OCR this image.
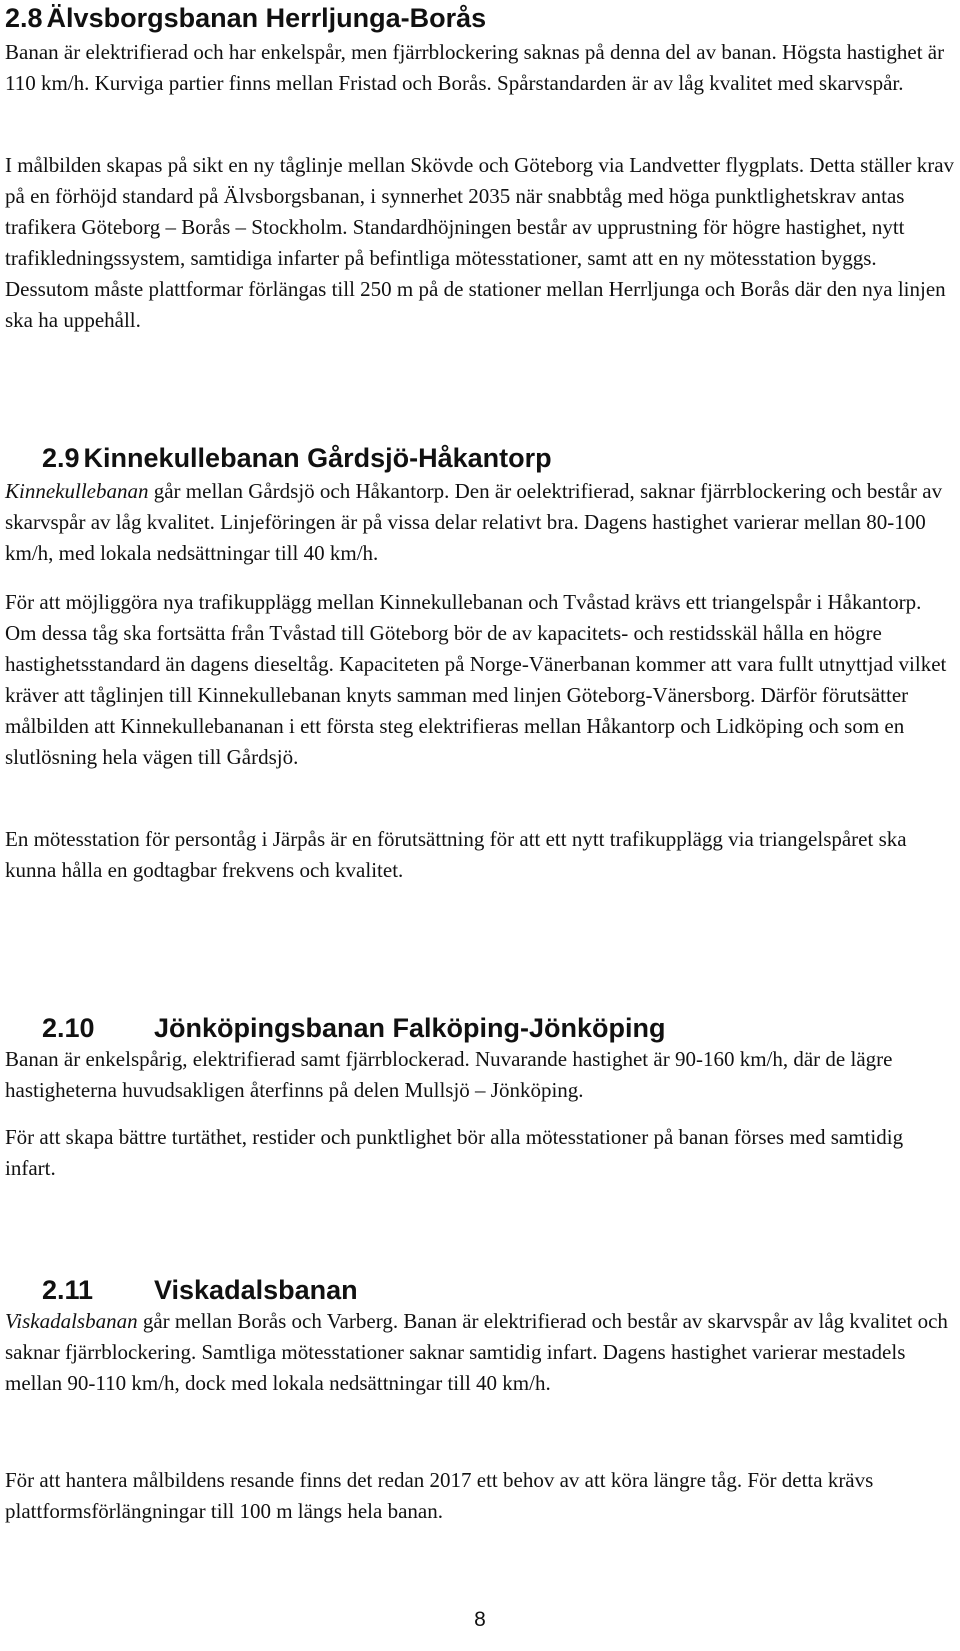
2.8 Älvsborgsbanan Herrljunga-Borås

Banan är elektrifierad och har enkelspår, men fjärrblockering saknas på denna del av banan. Högsta hastighet är 110 km/h. Kurviga partier finns mellan Fristad och Borås. Spårstandarden är av låg kvalitet med skarvspår.

I målbilden skapas på sikt en ny tåglinje mellan Skövde och Göteborg via Landvetter flygplats. Detta ställer krav på en förhöjd standard på Älvsborgsbanan, i synnerhet 2035 när snabbtåg med höga punktlighetskrav antas trafikera Göteborg – Borås – Stockholm. Standardhöjningen består av upprustning för högre hastighet, nytt trafikledningssystem, samtidiga infarter på befintliga mötesstationer, samt att en ny mötesstation byggs. Dessutom måste plattformar förlängas till 250 m på de stationer mellan Herrljunga och Borås där den nya linjen ska ha uppehåll.

2.9 Kinnekullebanan Gårdsjö-Håkantorp

Kinnekullebanan går mellan Gårdsjö och Håkantorp. Den är oelektrifierad, saknar fjärrblockering och består av skarvspår av låg kvalitet. Linjeföringen är på vissa delar relativt bra. Dagens hastighet varierar mellan 80-100 km/h, med lokala nedsättningar till 40 km/h.

För att möjliggöra nya trafikupplägg mellan Kinnekullebanan och Tvåstad krävs ett triangelspår i Håkantorp. Om dessa tåg ska fortsätta från Tvåstad till Göteborg bör de av kapacitets- och restidsskäl hålla en högre hastighetsstandard än dagens dieseltåg. Kapaciteten på Norge-Vänerbanan kommer att vara fullt utnyttjad vilket kräver att tåglinjen till Kinnekullebanan knyts samman med linjen Göteborg-Vänersborg. Därför förutsätter målbilden att Kinnekullebananan i ett första steg elektrifieras mellan Håkantorp och Lidköping och som en slutlösning hela vägen till Gårdsjö.

En mötesstation för persontåg i Järpås är en förutsättning för att ett nytt trafikupplägg via triangelspåret ska kunna hålla en godtagbar frekvens och kvalitet.

2.10	Jönköpingsbanan Falköping-Jönköping

Banan är enkelspårig, elektrifierad samt fjärrblockerad. Nuvarande hastighet är 90-160 km/h, där de lägre hastigheterna huvudsakligen återfinns på delen Mullsjö – Jönköping.

För att skapa bättre turtäthet, restider och punktlighet bör alla mötesstationer på banan förses med samtidig infart.

2.11	Viskadalsbanan

Viskadalsbanan går mellan Borås och Varberg. Banan är elektrifierad och består av skarvspår av låg kvalitet och saknar fjärrblockering. Samtliga mötesstationer saknar samtidig infart. Dagens hastighet varierar mestadels mellan 90-110 km/h, dock med lokala nedsättningar till 40 km/h.

För att hantera målbildens resande finns det redan 2017 ett behov av att köra längre tåg. För detta krävs plattformsförlängningar till 100 m längs hela banan.

8
